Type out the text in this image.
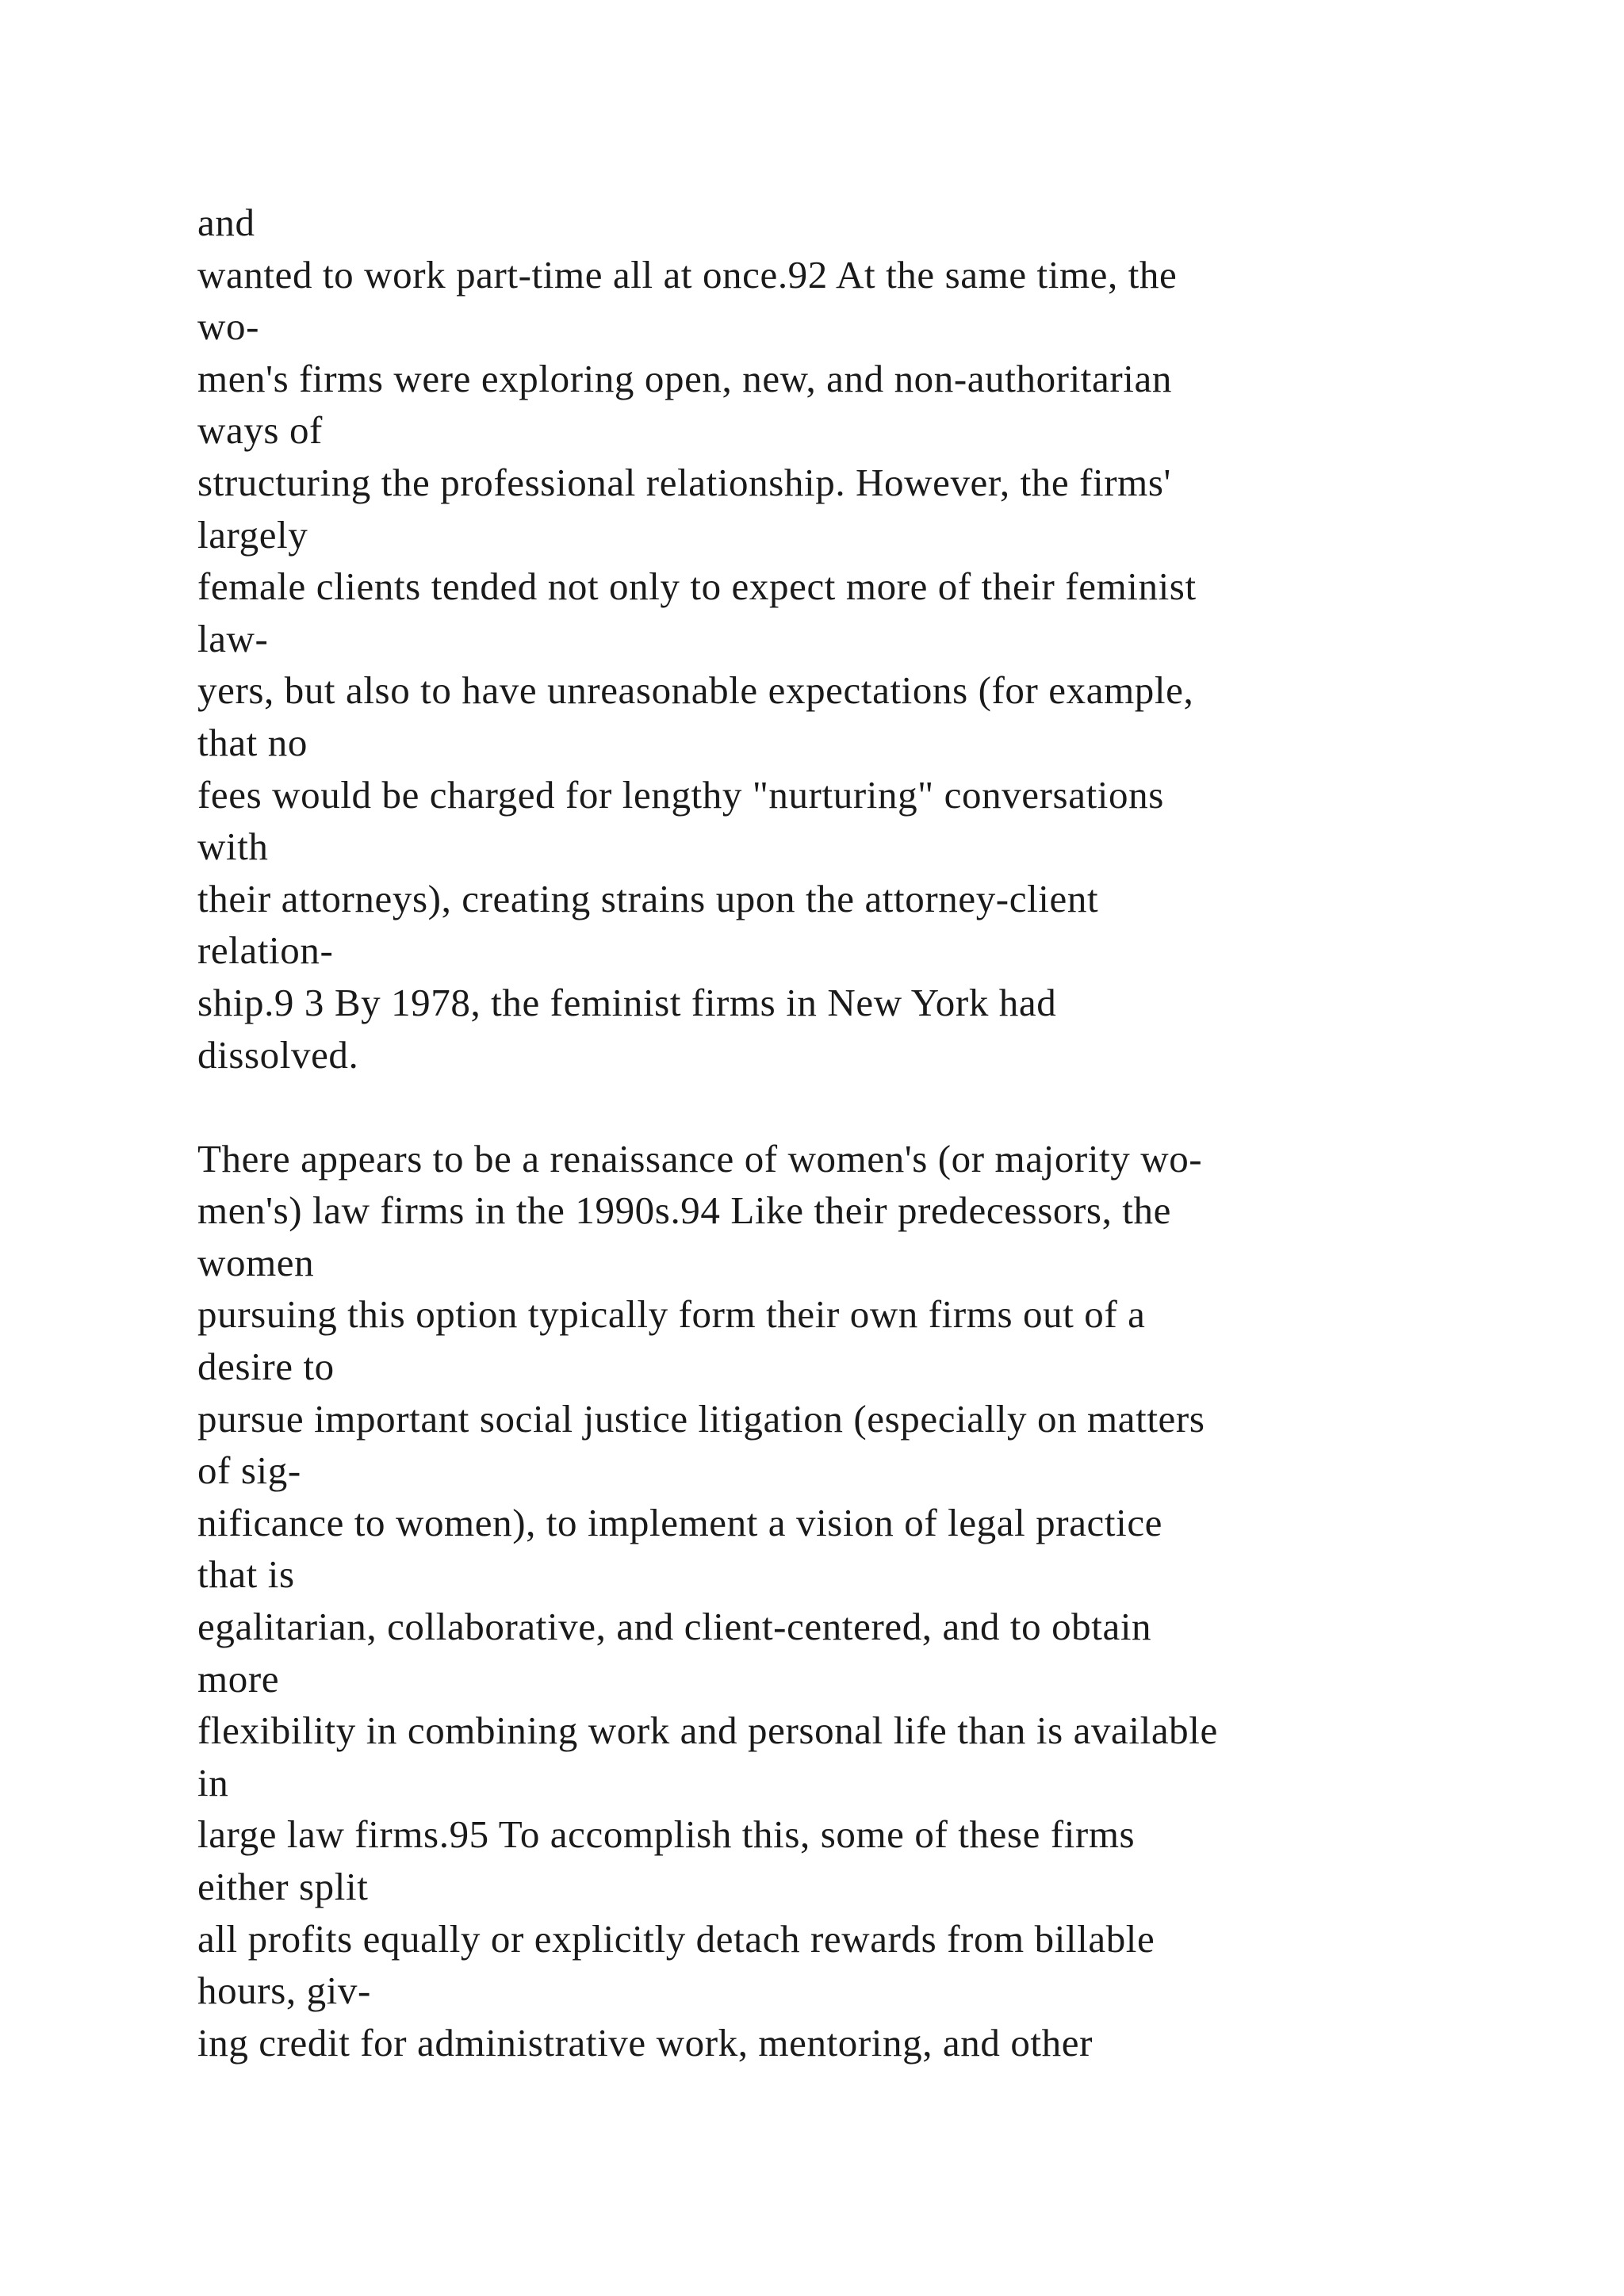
and
wanted to work part-time all at once.92 At the same time, the
wo-
men's firms were exploring open, new, and non-authoritarian
ways of
structuring the professional relationship. However, the firms'
largely
female clients tended not only to expect more of their feminist
law-
yers, but also to have unreasonable expectations (for example,
that no
fees would be charged for lengthy "nurturing" conversations
with
their attorneys), creating strains upon the attorney-client
relation-
ship.9 3 By 1978, the feminist firms in New York had
dissolved.

There appears to be a renaissance of women's (or majority wo-
men's) law firms in the 1990s.94 Like their predecessors, the
women
pursuing this option typically form their own firms out of a
desire to
pursue important social justice litigation (especially on matters
of sig-
nificance to women), to implement a vision of legal practice
that is
egalitarian, collaborative, and client-centered, and to obtain
more
flexibility in combining work and personal life than is available
in
large law firms.95 To accomplish this, some of these firms
either split
all profits equally or explicitly detach rewards from billable
hours, giv-
ing credit for administrative work, mentoring, and other
